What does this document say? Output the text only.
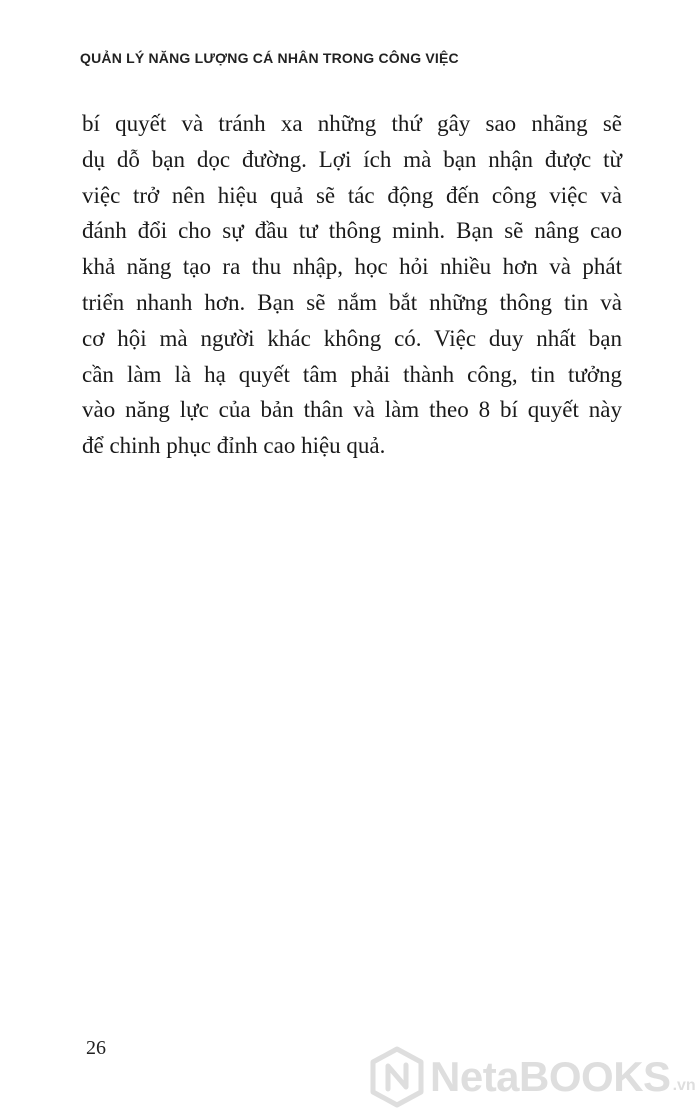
QUẢN LÝ NĂNG LƯỢNG CÁ NHÂN TRONG CÔNG VIỆC
bí quyết và tránh xa những thứ gây sao nhãng sẽ
dụ dỗ bạn dọc đường. Lợi ích mà bạn nhận được từ
việc trở nên hiệu quả sẽ tác động đến công việc và
đánh đổi cho sự đầu tư thông minh. Bạn sẽ nâng cao
khả năng tạo ra thu nhập, học hỏi nhiều hơn và phát
triển nhanh hơn. Bạn sẽ nắm bắt những thông tin và
cơ hội mà người khác không có. Việc duy nhất bạn
cần làm là hạ quyết tâm phải thành công, tin tưởng
vào năng lực của bản thân và làm theo 8 bí quyết này
để chinh phục đỉnh cao hiệu quả.
26
NetaBOOKS .vn
